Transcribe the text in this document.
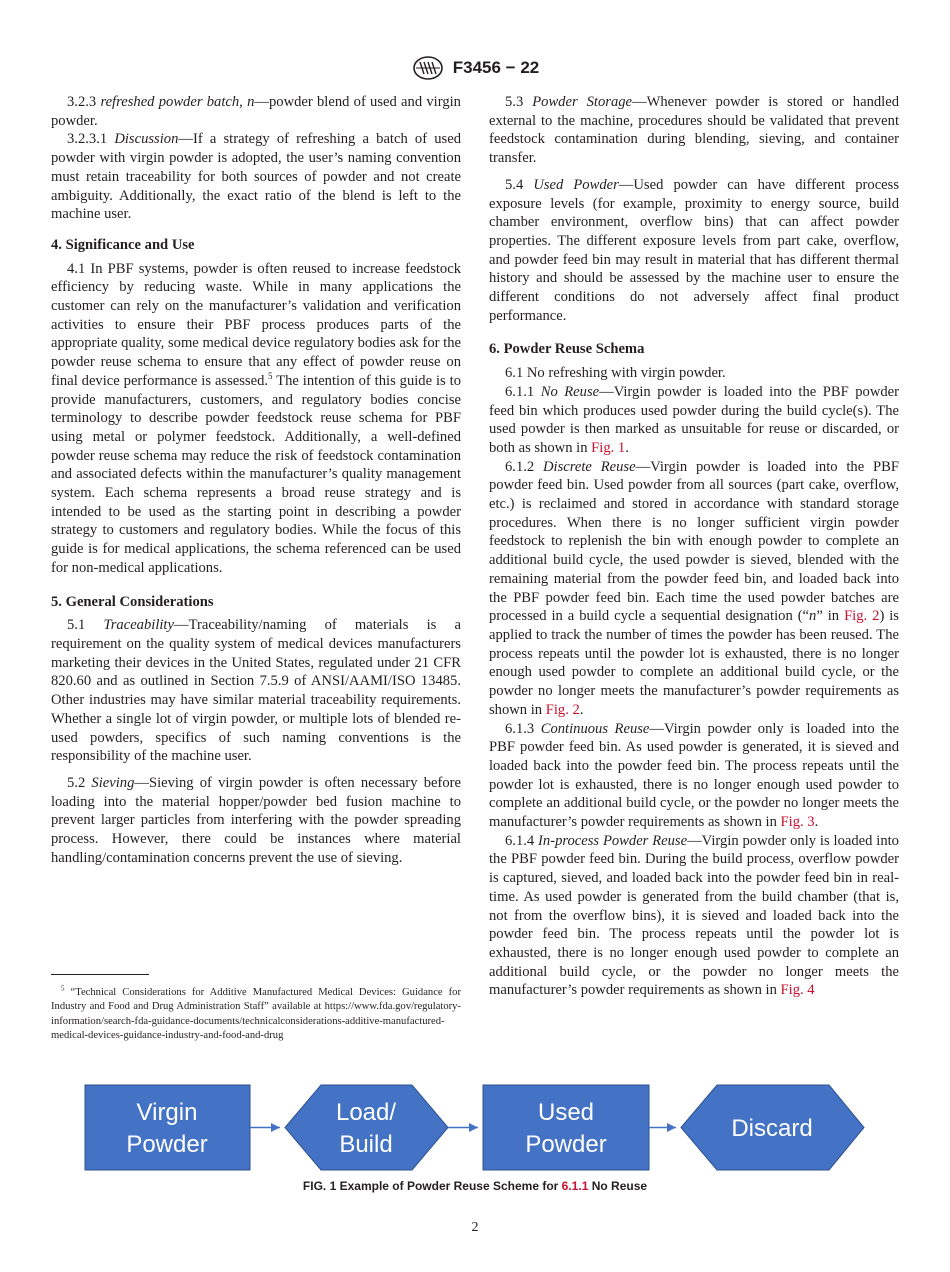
F3456 − 22

3.2.3 refreshed powder batch, n—powder blend of used and virgin powder.

3.2.3.1 Discussion—If a strategy of refreshing a batch of used powder with virgin powder is adopted, the user’s naming convention must retain traceability for both sources of powder and not create ambiguity. Additionally, the exact ratio of the blend is left to the machine user.

4. Significance and Use

4.1 In PBF systems, powder is often reused to increase feedstock efficiency by reducing waste. While in many applications the customer can rely on the manufacturer’s validation and verification activities to ensure their PBF process produces parts of the appropriate quality, some medical device regulatory bodies ask for the powder reuse schema to ensure that any effect of powder reuse on final device performance is assessed.$^5$ The intention of this guide is to provide manufacturers, customers, and regulatory bodies concise terminology to describe powder feedstock reuse schema for PBF using metal or polymer feedstock. Additionally, a well-defined powder reuse schema may reduce the risk of feedstock contamination and associated defects within the manufacturer’s quality management system. Each schema represents a broad reuse strategy and is intended to be used as the starting point in describing a powder strategy to customers and regulatory bodies. While the focus of this guide is for medical applications, the schema referenced can be used for non-medical applications.

5. General Considerations

5.1 Traceability—Traceability/naming of materials is a requirement on the quality system of medical devices manufacturers marketing their devices in the United States, regulated under 21 CFR 820.60 and as outlined in Section 7.5.9 of ANSI/AAMI/ISO 13485. Other industries may have similar material traceability requirements. Whether a single lot of virgin powder, or multiple lots of blended re-used powders, specifics of such naming conventions is the responsibility of the machine user.

5.2 Sieving—Sieving of virgin powder is often necessary before loading into the material hopper/powder bed fusion machine to prevent larger particles from interfering with the powder spreading process. However, there could be instances where material handling/contamination concerns prevent the use of sieving.

$^5$ “Technical Considerations for Additive Manufactured Medical Devices: Guidance for Industry and Food and Drug Administration Staff” available at https://www.fda.gov/regulatory-information/search-fda-guidance-documents/technicalconsiderations-additive-manufactured-medical-devices-guidance-industry-and-food-and-drug

5.3 Powder Storage—Whenever powder is stored or handled external to the machine, procedures should be validated that prevent feedstock contamination during blending, sieving, and container transfer.

5.4 Used Powder—Used powder can have different process exposure levels (for example, proximity to energy source, build chamber environment, overflow bins) that can affect powder properties. The different exposure levels from part cake, overflow, and powder feed bin may result in material that has different thermal history and should be assessed by the machine user to ensure the different conditions do not adversely affect final product performance.

6. Powder Reuse Schema

6.1 No refreshing with virgin powder.

6.1.1 No Reuse—Virgin powder is loaded into the PBF powder feed bin which produces used powder during the build cycle(s). The used powder is then marked as unsuitable for reuse or discarded, or both as shown in Fig. 1.

6.1.2 Discrete Reuse—Virgin powder is loaded into the PBF powder feed bin. Used powder from all sources (part cake, overflow, etc.) is reclaimed and stored in accordance with standard storage procedures. When there is no longer sufficient virgin powder feedstock to replenish the bin with enough powder to complete an additional build cycle, the used powder is sieved, blended with the remaining material from the powder feed bin, and loaded back into the PBF powder feed bin. Each time the used powder batches are processed in a build cycle a sequential designation (“n” in Fig. 2) is applied to track the number of times the powder has been reused. The process repeats until the powder lot is exhausted, there is no longer enough used powder to complete an additional build cycle, or the powder no longer meets the manufacturer’s powder requirements as shown in Fig. 2.

6.1.3 Continuous Reuse—Virgin powder only is loaded into the PBF powder feed bin. As used powder is generated, it is sieved and loaded back into the powder feed bin. The process repeats until the powder lot is exhausted, there is no longer enough used powder to complete an additional build cycle, or the powder no longer meets the manufacturer’s powder requirements as shown in Fig. 3.

6.1.4 In-process Powder Reuse—Virgin powder only is loaded into the PBF powder feed bin. During the build process, overflow powder is captured, sieved, and loaded back into the powder feed bin in real-time. As used powder is generated from the build chamber (that is, not from the overflow bins), it is sieved and loaded back into the powder feed bin. The process repeats until the powder lot is exhausted, there is no longer enough used powder to complete an additional build cycle, or the powder no longer meets the manufacturer’s powder requirements as shown in Fig. 4

Virgin
Powder
Load/
Build
Used
Powder
Discard
FIG. 1 Example of Powder Reuse Scheme for 6.1.1 No Reuse
2
